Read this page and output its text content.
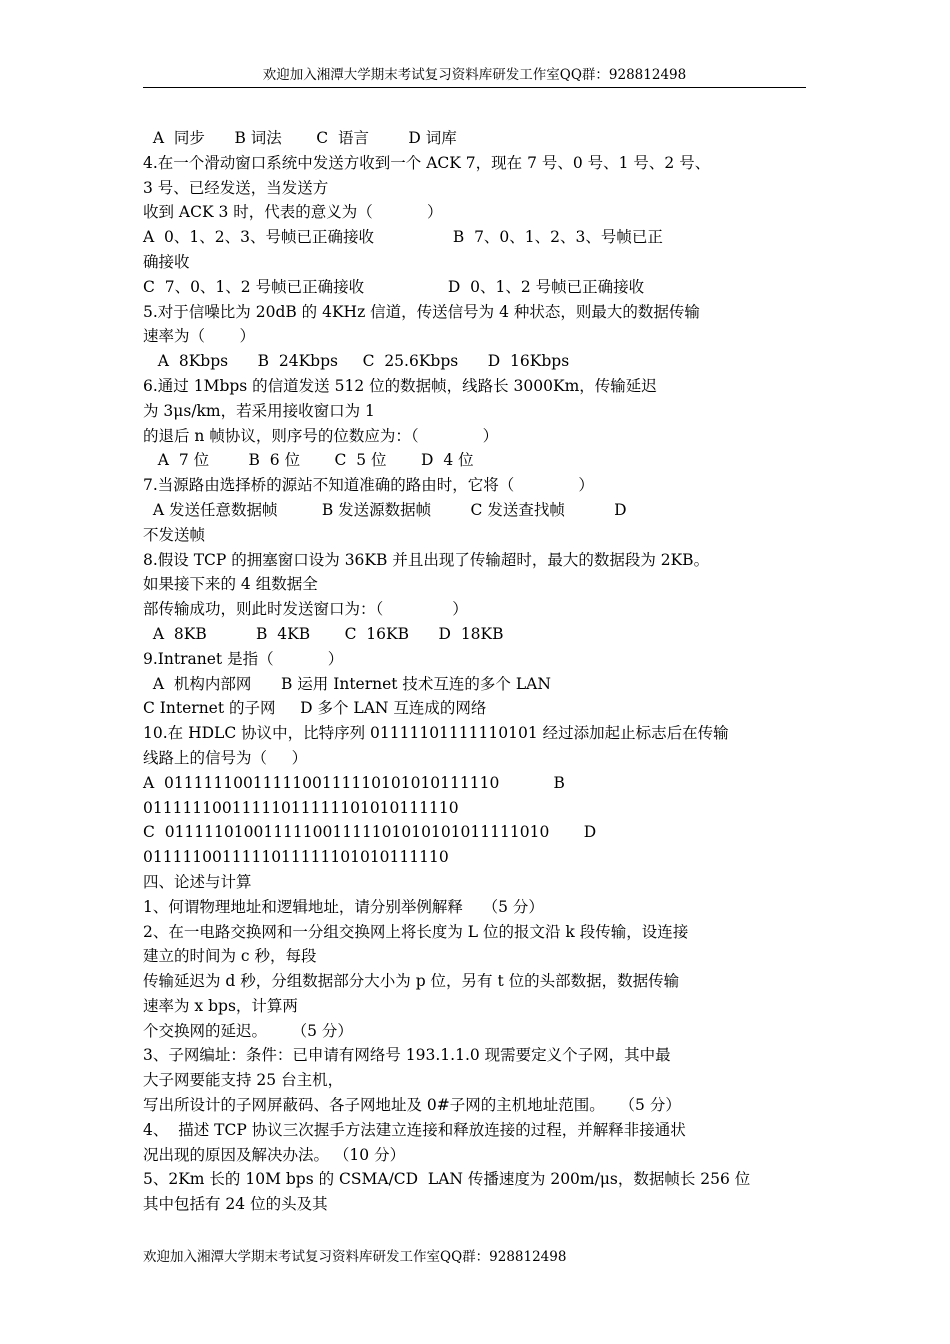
欢迎加入湘潭大学期末考试复习资料库研发工作室QQ群：928812498
A  同步      B 词法       C  语言        D 词库
4.在一个滑动窗口系统中发送方收到一个 ACK 7，现在 7 号、0 号、1 号、2 号、
3 号、已经发送，当发送方
收到 ACK 3 时，代表的意义为（           ）
A  0、1、2、3、号帧已正确接收                B  7、0、1、2、3、号帧已正
确接收
C  7、0、1、2 号帧已正确接收                 D  0、1、2 号帧已正确接收
5.对于信噪比为 20dB 的 4KHz 信道，传送信号为 4 种状态，则最大的数据传输
速率为（       ）
A  8Kbps      B  24Kbps     C  25.6Kbps      D  16Kbps
6.通过 1Mbps 的信道发送 512 位的数据帧，线路长 3000Km，传输延迟
为 3μs/km，若采用接收窗口为 1
的退后 n 帧协议，则序号的位数应为：（             ）
A  7 位        B  6 位       C  5 位       D  4 位
7.当源路由选择桥的源站不知道准确的路由时，它将（             ）
A 发送任意数据帧         B 发送源数据帧        C 发送查找帧          D
不发送帧
8.假设 TCP 的拥塞窗口设为 36KB 并且出现了传输超时，最大的数据段为 2KB。
如果接下来的 4 组数据全
部传输成功，则此时发送窗口为：（              ）
A  8KB          B  4KB       C  16KB      D  18KB
9.Intranet 是指（           ）
A  机构内部网      B 运用 Internet 技术互连的多个 LAN
C Internet 的子网     D 多个 LAN 互连成的网络
10.在 HDLC 协议中，比特序列 01111101111110101 经过添加起止标志后在传输
线路上的信号为（     ）
A  0111111001111100111110101010111110           B
01111110011111011111101010111110
C  011111010011111001111101010101011111010       D
0111110011111011111101010111110
四、论述与计算
1、何谓物理地址和逻辑地址，请分别举例解释    （5 分）
2、在一电路交换网和一分组交换网上将长度为 L 位的报文沿 k 段传输，设连接
建立的时间为 c 秒，每段
传输延迟为 d 秒，分组数据部分大小为 p 位，另有 t 位的头部数据，数据传输
速率为 x bps，计算两
个交换网的延迟。     （5 分）
3、子网编址：条件：已申请有网络号 193.1.1.0 现需要定义个子网，其中最
大子网要能支持 25 台主机，
写出所设计的子网屏蔽码、各子网地址及 0#子网的主机地址范围。   （5 分）
4、  描述 TCP 协议三次握手方法建立连接和释放连接的过程，并解释非接通状
况出现的原因及解决办法。 （10 分）
5、2Km 长的 10M bps 的 CSMA/CD  LAN 传播速度为 200m/μs，数据帧长 256 位
其中包括有 24 位的头及其
欢迎加入湘潭大学期末考试复习资料库研发工作室QQ群：928812498
